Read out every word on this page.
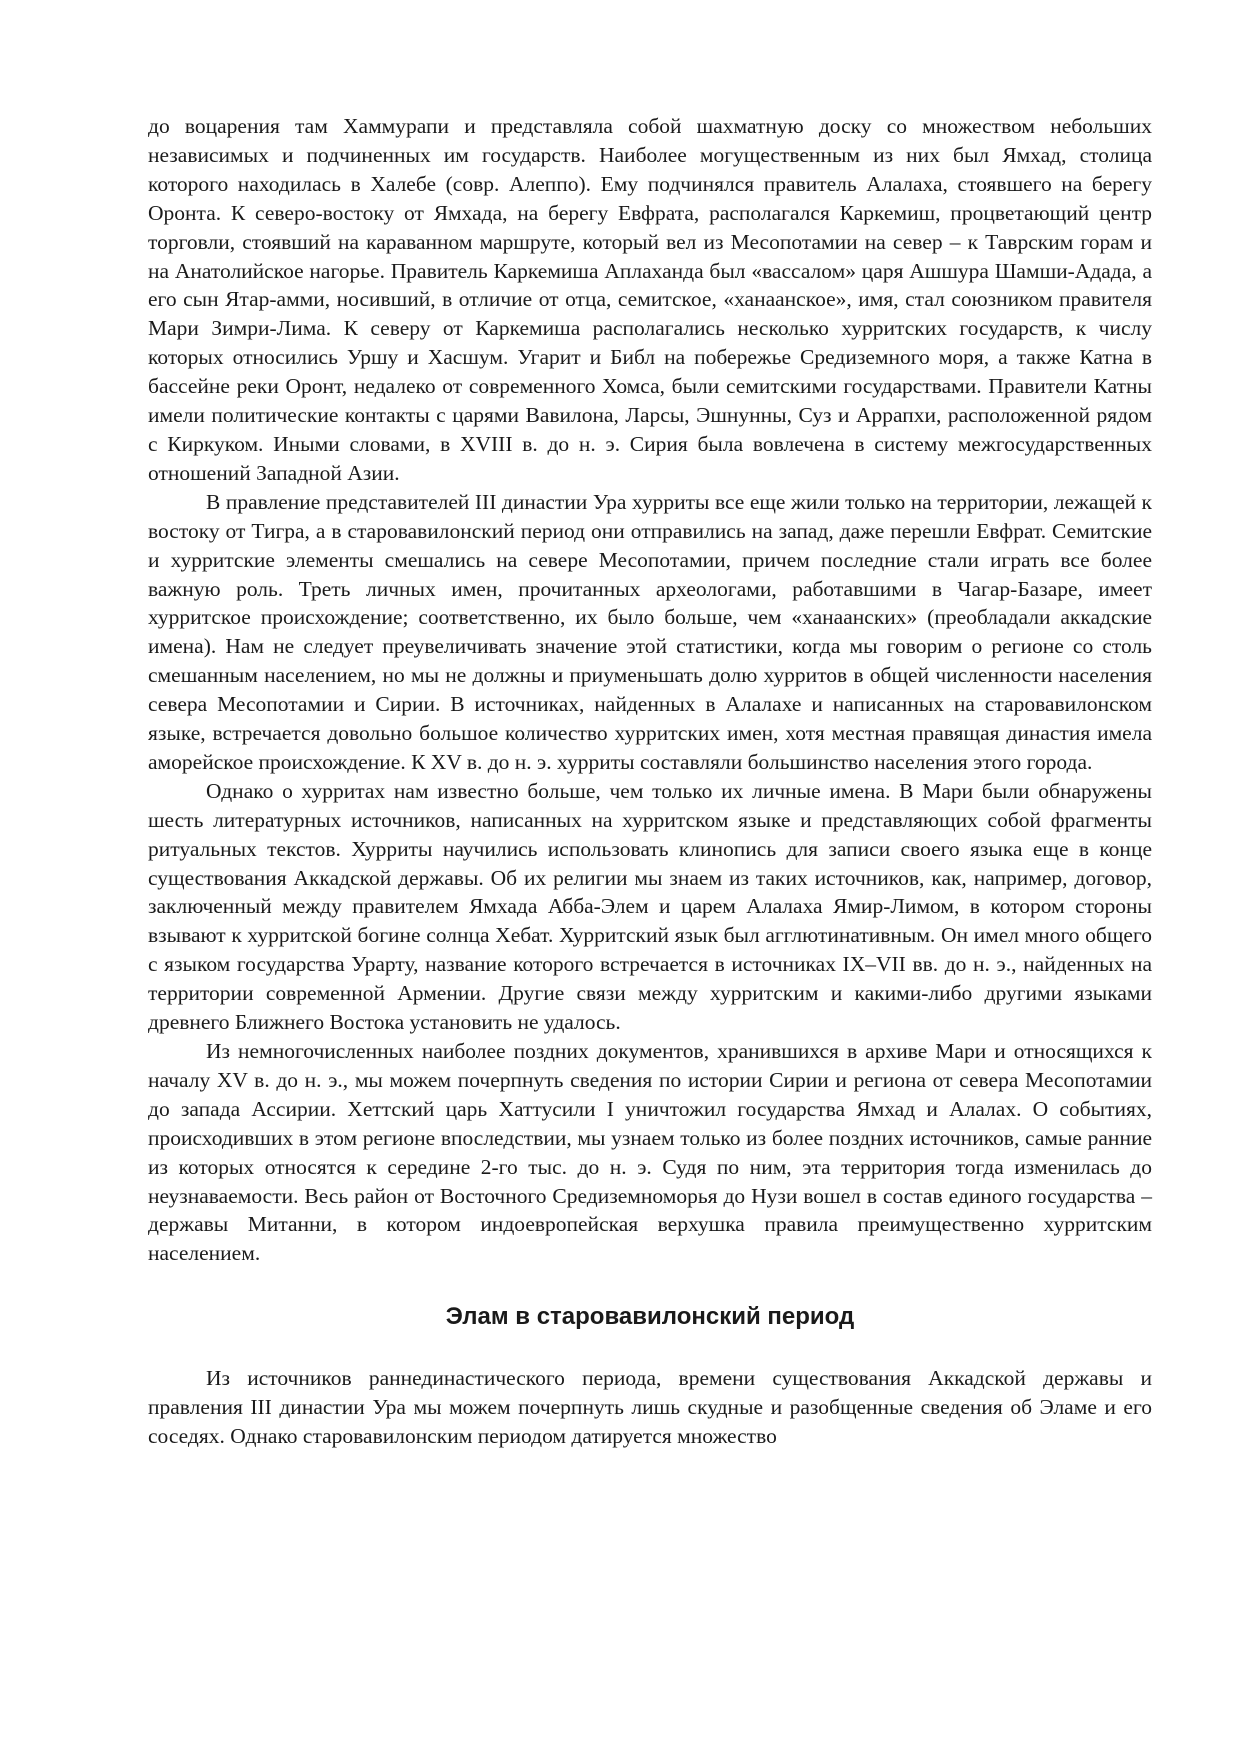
до воцарения там Хаммурапи и представляла собой шахматную доску со множеством небольших независимых и подчиненных им государств. Наиболее могущественным из них был Ямхад, столица которого находилась в Халебе (совр. Алеппо). Ему подчинялся правитель Алалаха, стоявшего на берегу Оронта. К северо-востоку от Ямхада, на берегу Евфрата, располагался Каркемиш, процветающий центр торговли, стоявший на караванном маршруте, который вел из Месопотамии на север – к Таврским горам и на Анатолийское нагорье. Правитель Каркемиша Аплаханда был «вассалом» царя Ашшура Шамши-Адада, а его сын Ятар-амми, носивший, в отличие от отца, семитское, «ханаанское», имя, стал союзником правителя Мари Зимри-Лима. К северу от Каркемиша располагались несколько хурритских государств, к числу которых относились Уршу и Хасшум. Угарит и Библ на побережье Средиземного моря, а также Катна в бассейне реки Оронт, недалеко от современного Хомса, были семитскими государствами. Правители Катны имели политические контакты с царями Вавилона, Ларсы, Эшнунны, Суз и Аррапхи, расположенной рядом с Киркуком. Иными словами, в XVIII в. до н. э. Сирия была вовлечена в систему межгосударственных отношений Западной Азии.

В правление представителей III династии Ура хурриты все еще жили только на территории, лежащей к востоку от Тигра, а в старовавилонский период они отправились на запад, даже перешли Евфрат. Семитские и хурритские элементы смешались на севере Месопотамии, причем последние стали играть все более важную роль. Треть личных имен, прочитанных археологами, работавшими в Чагар-Базаре, имеет хурритское происхождение; соответственно, их было больше, чем «ханаанских» (преобладали аккадские имена). Нам не следует преувеличивать значение этой статистики, когда мы говорим о регионе со столь смешанным населением, но мы не должны и приуменьшать долю хурритов в общей численности населения севера Месопотамии и Сирии. В источниках, найденных в Алалахе и написанных на старовавилонском языке, встречается довольно большое количество хурритских имен, хотя местная правящая династия имела аморейское происхождение. К XV в. до н. э. хурриты составляли большинство населения этого города.

Однако о хурритах нам известно больше, чем только их личные имена. В Мари были обнаружены шесть литературных источников, написанных на хурритском языке и представляющих собой фрагменты ритуальных текстов. Хурриты научились использовать клинопись для записи своего языка еще в конце существования Аккадской державы. Об их религии мы знаем из таких источников, как, например, договор, заключенный между правителем Ямхада Абба-Элем и царем Алалаха Ямир-Лимом, в котором стороны взывают к хурритской богине солнца Хебат. Хурритский язык был агглютинативным. Он имел много общего с языком государства Урарту, название которого встречается в источниках IX–VII вв. до н. э., найденных на территории современной Армении. Другие связи между хурритским и какими-либо другими языками древнего Ближнего Востока установить не удалось.

Из немногочисленных наиболее поздних документов, хранившихся в архиве Мари и относящихся к началу XV в. до н. э., мы можем почерпнуть сведения по истории Сирии и региона от севера Месопотамии до запада Ассирии. Хеттский царь Хаттусили I уничтожил государства Ямхад и Алалах. О событиях, происходивших в этом регионе впоследствии, мы узнаем только из более поздних источников, самые ранние из которых относятся к середине 2-го тыс. до н. э. Судя по ним, эта территория тогда изменилась до неузнаваемости. Весь район от Восточного Средиземноморья до Нузи вошел в состав единого государства – державы Митанни, в котором индоевропейская верхушка правила преимущественно хурритским населением.

Элам в старовавилонский период

Из источников раннединастического периода, времени существования Аккадской державы и правления III династии Ура мы можем почерпнуть лишь скудные и разобщенные сведения об Эламе и его соседях. Однако старовавилонским периодом датируется множество
